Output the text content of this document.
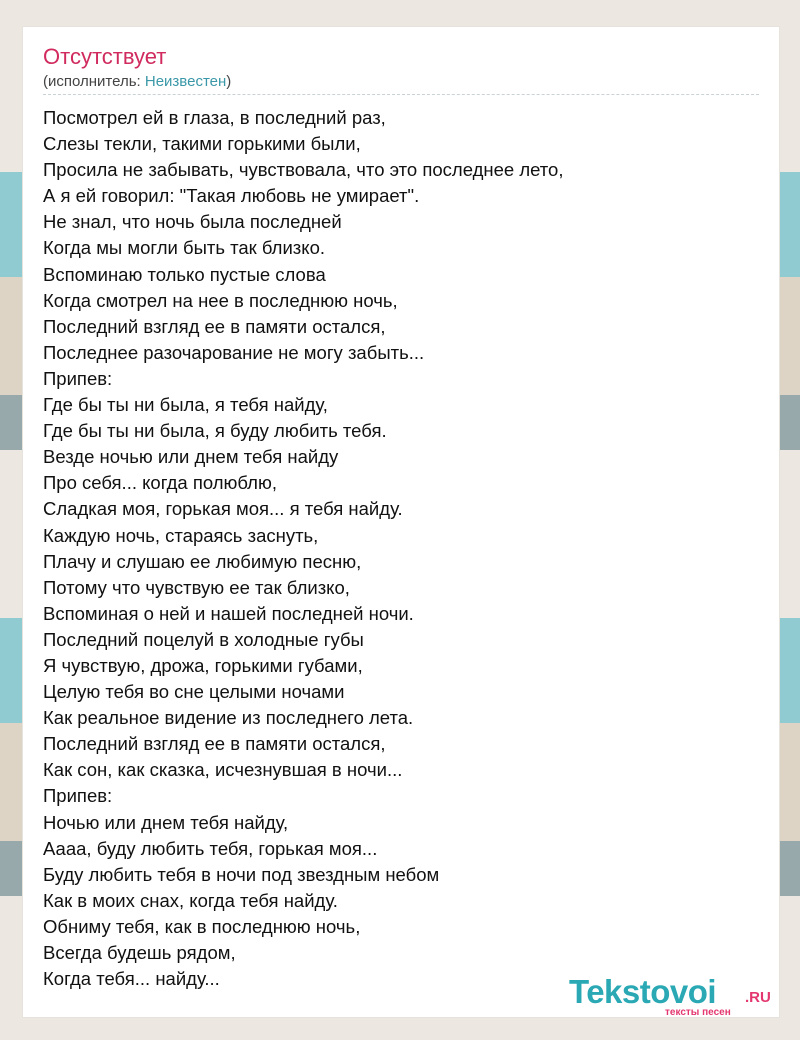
Отсутствует
(исполнитель: Неизвестен)
Посмотрел ей в глаза, в последний раз,
Слезы текли, такими горькими были,
Просила не забывать, чувствовала, что это последнее лето,
А я ей говорил: "Такая любовь не умирает".
Не знал, что ночь была последней
Когда мы могли быть так близко.
Вспоминаю только пустые слова
Когда смотрел на нее в последнюю ночь,
Последний взгляд ее в памяти остался,
Последнее разочарование не могу забыть...
Припев:
Где бы ты ни была, я тебя найду,
Где бы ты ни была, я буду любить тебя.
Везде ночью или днем тебя найду
Про себя... когда полюблю,
Сладкая моя, горькая моя... я тебя найду.
Каждую ночь, стараясь заснуть,
Плачу и слушаю ее любимую песню,
Потому что чувствую ее так близко,
Вспоминая о ней и нашей последней ночи.
Последний поцелуй в холодные губы
Я чувствую, дрожа, горькими губами,
Целую тебя во сне целыми ночами
Как реальное видение из последнего лета.
Последний взгляд ее в памяти остался,
Как сон, как сказка, исчезнувшая в ночи...
Припев:
Ночью или днем тебя найду,
Аааа, буду любить тебя, горькая моя...
Буду любить тебя в ночи под звездным небом
Как в моих снах, когда тебя найду.
Обниму тебя, как в последнюю ночь,
Всегда будешь рядом,
Когда тебя... найду...	Tekstovoi .RU
тексты песен
